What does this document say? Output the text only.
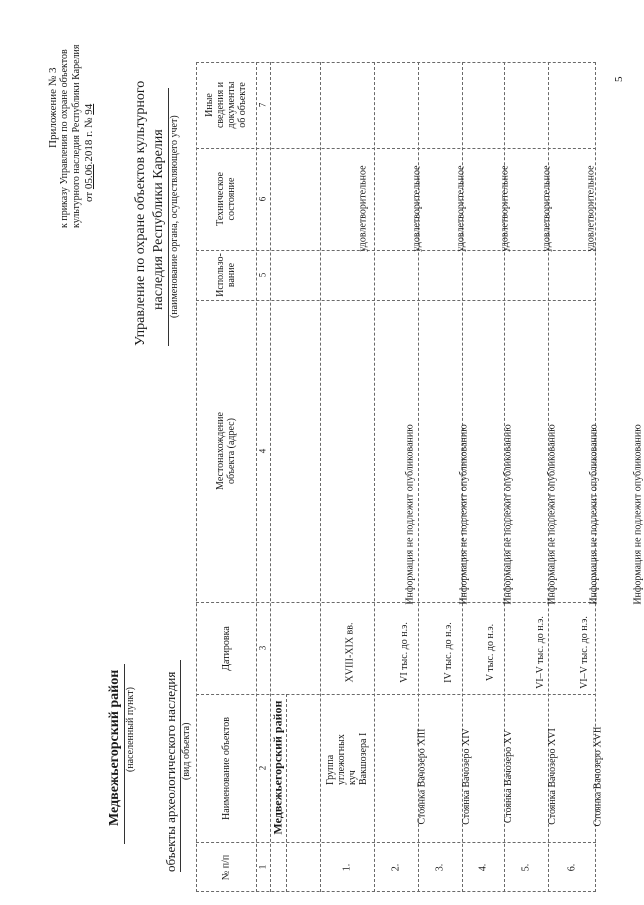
Приложение № 3 к приказу Управления по охране объектов культурного наследия Республики Карелия от 05.06.2018 г. № 94	Управление по охране объектов культурного наследия Республики Карелия (наименование органа, осуществляющего учет)
Медвежьегорский район (населенный пункт) объекты археологического наследия (вид объекта)
№ п/п
Наименование объектов
Датировка
Местонахождение объекта (адрес)
Использо-вание
Техническое состояние
Иные сведения и документы об объекте
1
2
3
4
5
6
7
Медвежьегорский район
1.
Группа углежогных куч Вакшозера I
XVIII-XIX вв.
Информация не подлежит опубликованию
удовлетворительное
2.
Стоянка Вачозеро XIII
VI тыс. до н.э.
Информация не подлежит опубликованию
удовлетворительное
3.
Стоянка Вачозеро XIV
IV тыс. до н.э.
Информация не подлежит опубликованию
удовлетворительное
4.
Стоянка Вачозеро XV
V тыс. до н.э.
Информация не подлежит опубликованию
удовлетворительное
5.
Стоянка Вачозеро XVI
VI–V тыс. до н.э.
Информация не подлежит опубликованию
удовлетворительное
6.
Стоянка Вачозеро XVII
VI–V тыс. до н.э.
Информация не подлежит опубликованию
удовлетворительное
5
